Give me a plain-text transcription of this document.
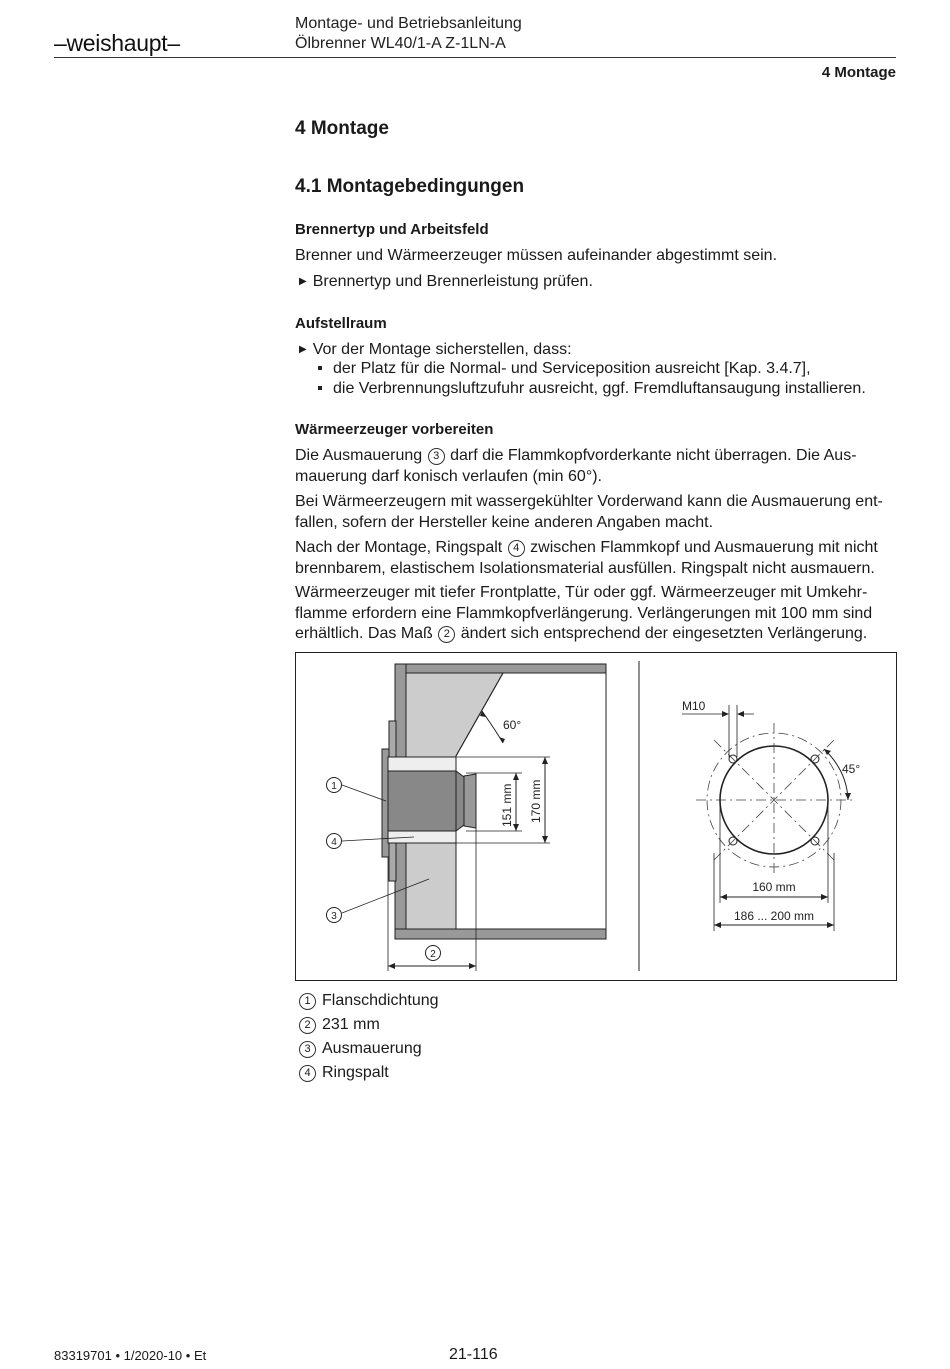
–weishaupt–
Montage- und Betriebsanleitung
Ölbrenner WL40/1-A Z-1LN-A
4 Montage
4 Montage
4.1 Montagebedingungen
Brennertyp und Arbeitsfeld
Brenner und Wärmeerzeuger müssen aufeinander abgestimmt sein.
▶ Brennertyp und Brennerleistung prüfen.
Aufstellraum
▶ Vor der Montage sicherstellen, dass:
der Platz für die Normal- und Serviceposition ausreicht [Kap. 3.4.7],
die Verbrennungsluftzufuhr ausreicht, ggf. Fremdluftansaugung installieren.
Wärmeerzeuger vorbereiten
Die Ausmauerung 3 darf die Flammkopfvorderkante nicht überragen. Die Aus-
mauerung darf konisch verlaufen (min 60°).
Bei Wärmeerzeugern mit wassergekühlter Vorderwand kann die Ausmauerung ent-
fallen, sofern der Hersteller keine anderen Angaben macht.
Nach der Montage, Ringspalt 4 zwischen Flammkopf und Ausmauerung mit nicht
brennbarem, elastischem Isolationsmaterial ausfüllen. Ringspalt nicht ausmauern.
Wärmeerzeuger mit tiefer Frontplatte, Tür oder ggf. Wärmeerzeuger mit Umkehr-
flamme erfordern eine Flammkopfverlängerung. Verlängerungen mit 100 mm sind
erhältlich. Das Maß 2 ändert sich entsprechend der eingesetzten Verlängerung.
60°
151 mm 170 mm
2
1
4
3
M10
45°
160 mm
186 ... 200 mm
1 Flanschdichtung
2 231 mm
3 Ausmauerung
4 Ringspalt
83319701 • 1/2020-10 • Et	21-116
